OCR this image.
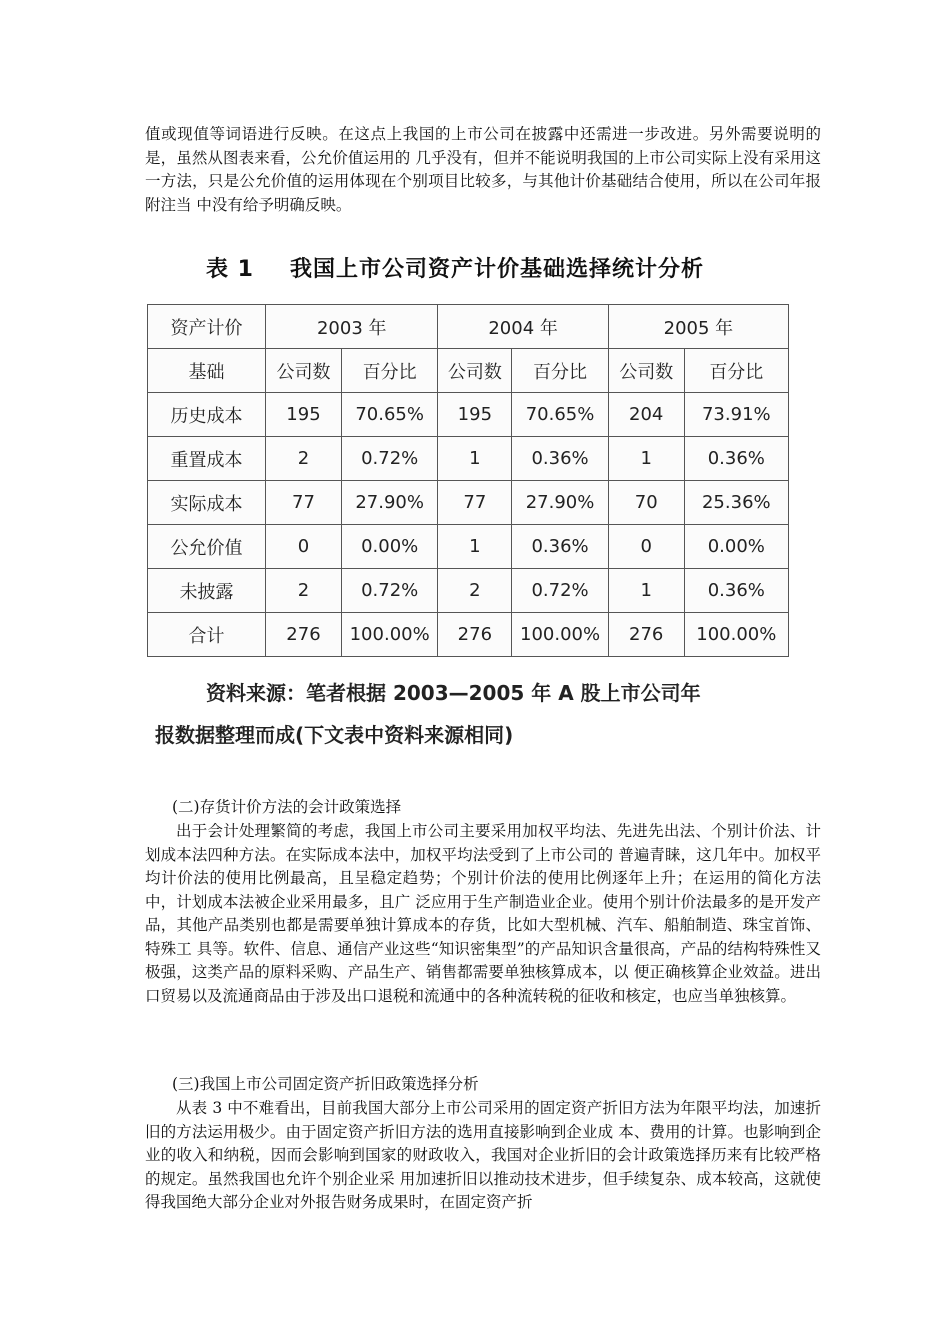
值或现值等词语进行反映。在这点上我国的上市公司在披露中还需进一步改进。另外需要说明的是，虽然从图表来看，公允价值运用的 几乎没有，但并不能说明我国的上市公司实际上没有采用这一方法，只是公允价值的运用体现在个别项目比较多，与其他计价基础结合使用，所以在公司年报附注当 中没有给予明确反映。

表 1 我国上市公司资产计价基础选择统计分析
资产计价	2003 年		2004 年		2005 年	
基础	公司数	百分比	公司数	百分比	公司数	百分比
历史成本	195	70.65%	195	70.65%	204	73.91%
重置成本	2	0.72%	1	0.36%	1	0.36%
实际成本	77	27.90%	77	27.90%	70	25.36%
公允价值	0	0.00%	1	0.36%	0	0.00%
未披露	2	0.72%	2	0.72%	1	0.36%
合计	276	100.00%	276	100.00%	276	100.00%
资料来源：笔者根据 2003—2005 年 A 股上市公司年
报数据整理而成(下文表中资料来源相同)
(二)存货计价方法的会计政策选择

出于会计处理繁简的考虑，我国上市公司主要采用加权平均法、先进先出法、个别计价法、计划成本法四种方法。在实际成本法中，加权平均法受到了上市公司的 普遍青睐，这几年中。加权平均计价法的使用比例最高，且呈稳定趋势；个别计价法的使用比例逐年上升；在运用的简化方法中，计划成本法被企业采用最多，且广 泛应用于生产制造业企业。使用个别计价法最多的是开发产品，其他产品类别也都是需要单独计算成本的存货，比如大型机械、汽车、船舶制造、珠宝首饰、特殊工 具等。软件、信息、通信产业这些“知识密集型”的产品知识含量很高，产品的结构特殊性又极强，这类产品的原料采购、产品生产、销售都需要单独核算成本，以 便正确核算企业效益。进出口贸易以及流通商品由于涉及出口退税和流通中的各种流转税的征收和核定，也应当单独核算。

(三)我国上市公司固定资产折旧政策选择分析

从表 3 中不难看出，目前我国大部分上市公司采用的固定资产折旧方法为年限平均法，加速折旧的方法运用极少。由于固定资产折旧方法的选用直接影响到企业成 本、费用的计算。也影响到企业的收入和纳税，因而会影响到国家的财政收入，我国对企业折旧的会计政策选择历来有比较严格的规定。虽然我国也允许个别企业采 用加速折旧以推动技术进步，但手续复杂、成本较高，这就使得我国绝大部分企业对外报告财务成果时，在固定资产折
